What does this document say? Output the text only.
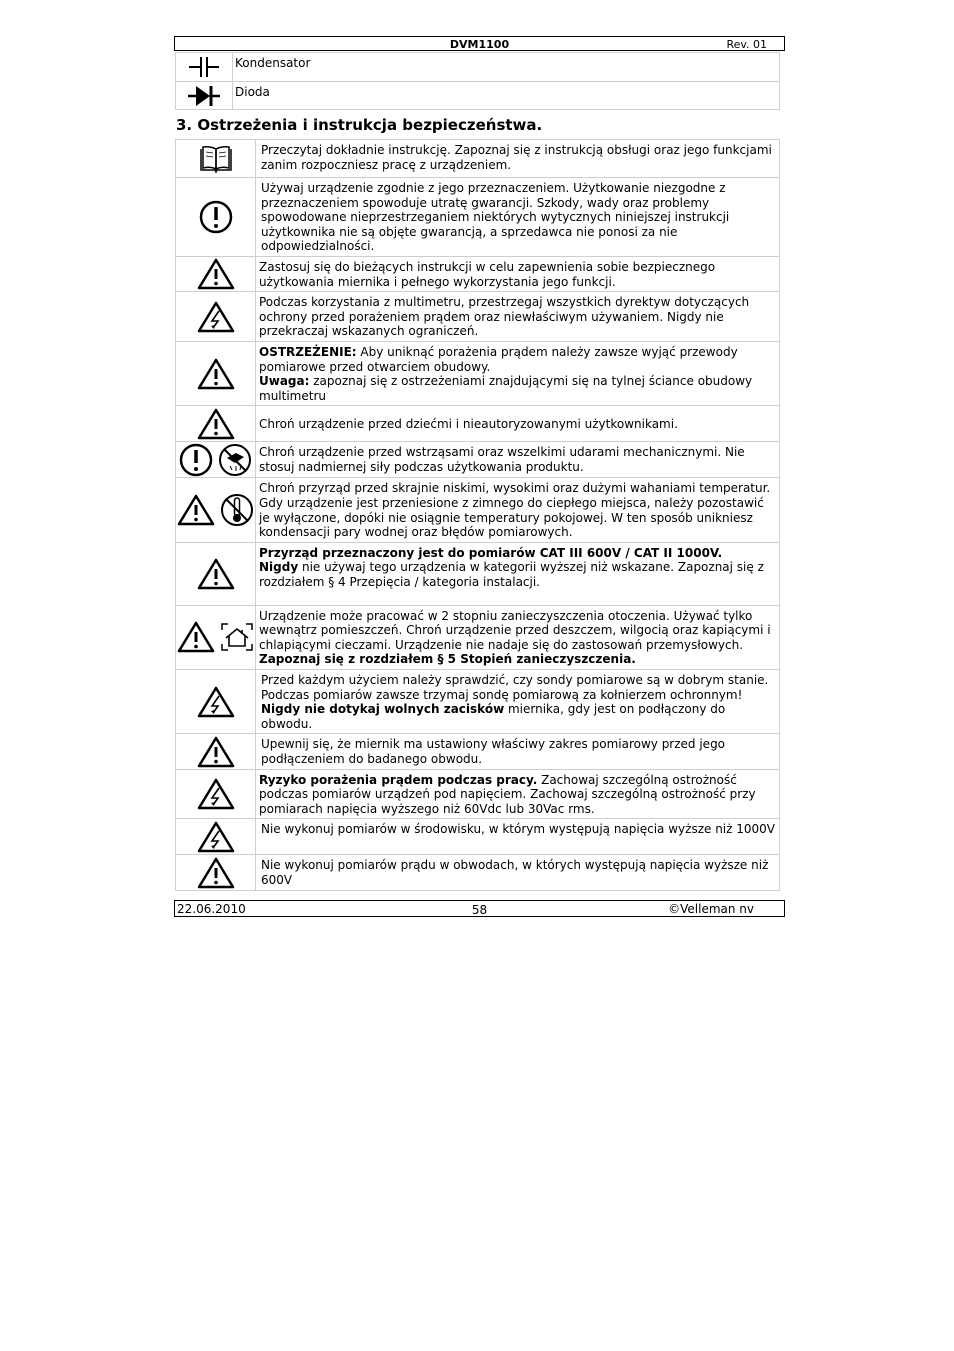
DVM1100	Rev. 01
	Kondensator
	Dioda
3. Ostrzeżenia i instrukcja bezpieczeństwa.
	Przeczytaj dokładnie instrukcję. Zapoznaj się z instrukcją obsługi oraz jego funkcjami zanim rozpoczniesz pracę z urządzeniem.
	Używaj urządzenie zgodnie z jego przeznaczeniem. Użytkowanie niezgodne z przeznaczeniem spowoduje utratę gwarancji. Szkody, wady oraz problemy spowodowane nieprzestrzeganiem niektórych wytycznych niniejszej instrukcji użytkownika nie są objęte gwarancją, a sprzedawca nie ponosi za nie odpowiedzialności.
	Zastosuj się do bieżących instrukcji w celu zapewnienia sobie bezpiecznego użytkowania miernika i pełnego wykorzystania jego funkcji.
	Podczas korzystania z multimetru, przestrzegaj wszystkich dyrektyw dotyczących ochrony przed porażeniem prądem oraz niewłaściwym używaniem. Nigdy nie przekraczaj wskazanych ograniczeń.
	OSTRZEŻENIE: Aby uniknąć porażenia prądem należy zawsze wyjąć przewody pomiarowe przed otwarciem obudowy.
Uwaga: zapoznaj się z ostrzeżeniami znajdującymi się na tylnej ściance obudowy multimetru
	Chroń urządzenie przed dziećmi i nieautoryzowanymi użytkownikami.
	Chroń urządzenie przed wstrząsami oraz wszelkimi udarami mechanicznymi. Nie stosuj nadmiernej siły podczas użytkowania produktu.
	Chroń przyrząd przed skrajnie niskimi, wysokimi oraz dużymi wahaniami temperatur. Gdy urządzenie jest przeniesione z zimnego do ciepłego miejsca, należy pozostawić je wyłączone, dopóki nie osiągnie temperatury pokojowej. W ten sposób unikniesz kondensacji pary wodnej oraz błędów pomiarowych.
	Przyrząd przeznaczony jest do pomiarów CAT III 600V / CAT II 1000V.
Nigdy nie używaj tego urządzenia w kategorii wyższej niż wskazane. Zapoznaj się z rozdziałem § 4 Przepięcia / kategoria instalacji.
	Urządzenie może pracować w 2 stopniu zanieczyszczenia otoczenia. Używać tylko wewnątrz pomieszczeń. Chroń urządzenie przed deszczem, wilgocią oraz kapiącymi i chlapiącymi cieczami. Urządzenie nie nadaje się do zastosowań przemysłowych.
Zapoznaj się z rozdziałem § 5 Stopień zanieczyszczenia.
	Przed każdym użyciem należy sprawdzić, czy sondy pomiarowe są w dobrym stanie. Podczas pomiarów zawsze trzymaj sondę pomiarową za kołnierzem ochronnym!
Nigdy nie dotykaj wolnych zacisków miernika, gdy jest on podłączony do obwodu.
	Upewnij się, że miernik ma ustawiony właściwy zakres pomiarowy przed jego podłączeniem do badanego obwodu.
	Ryzyko porażenia prądem podczas pracy. Zachowaj szczególną ostrożność podczas pomiarów urządzeń pod napięciem. Zachowaj szczególną ostrożność przy pomiarach napięcia wyższego niż 60Vdc lub 30Vac rms.
	Nie wykonuj pomiarów w środowisku, w którym występują napięcia wyższe niż 1000V
	Nie wykonuj pomiarów prądu w obwodach, w których występują napięcia wyższe niż 600V
22.06.2010	58	©Velleman nv
